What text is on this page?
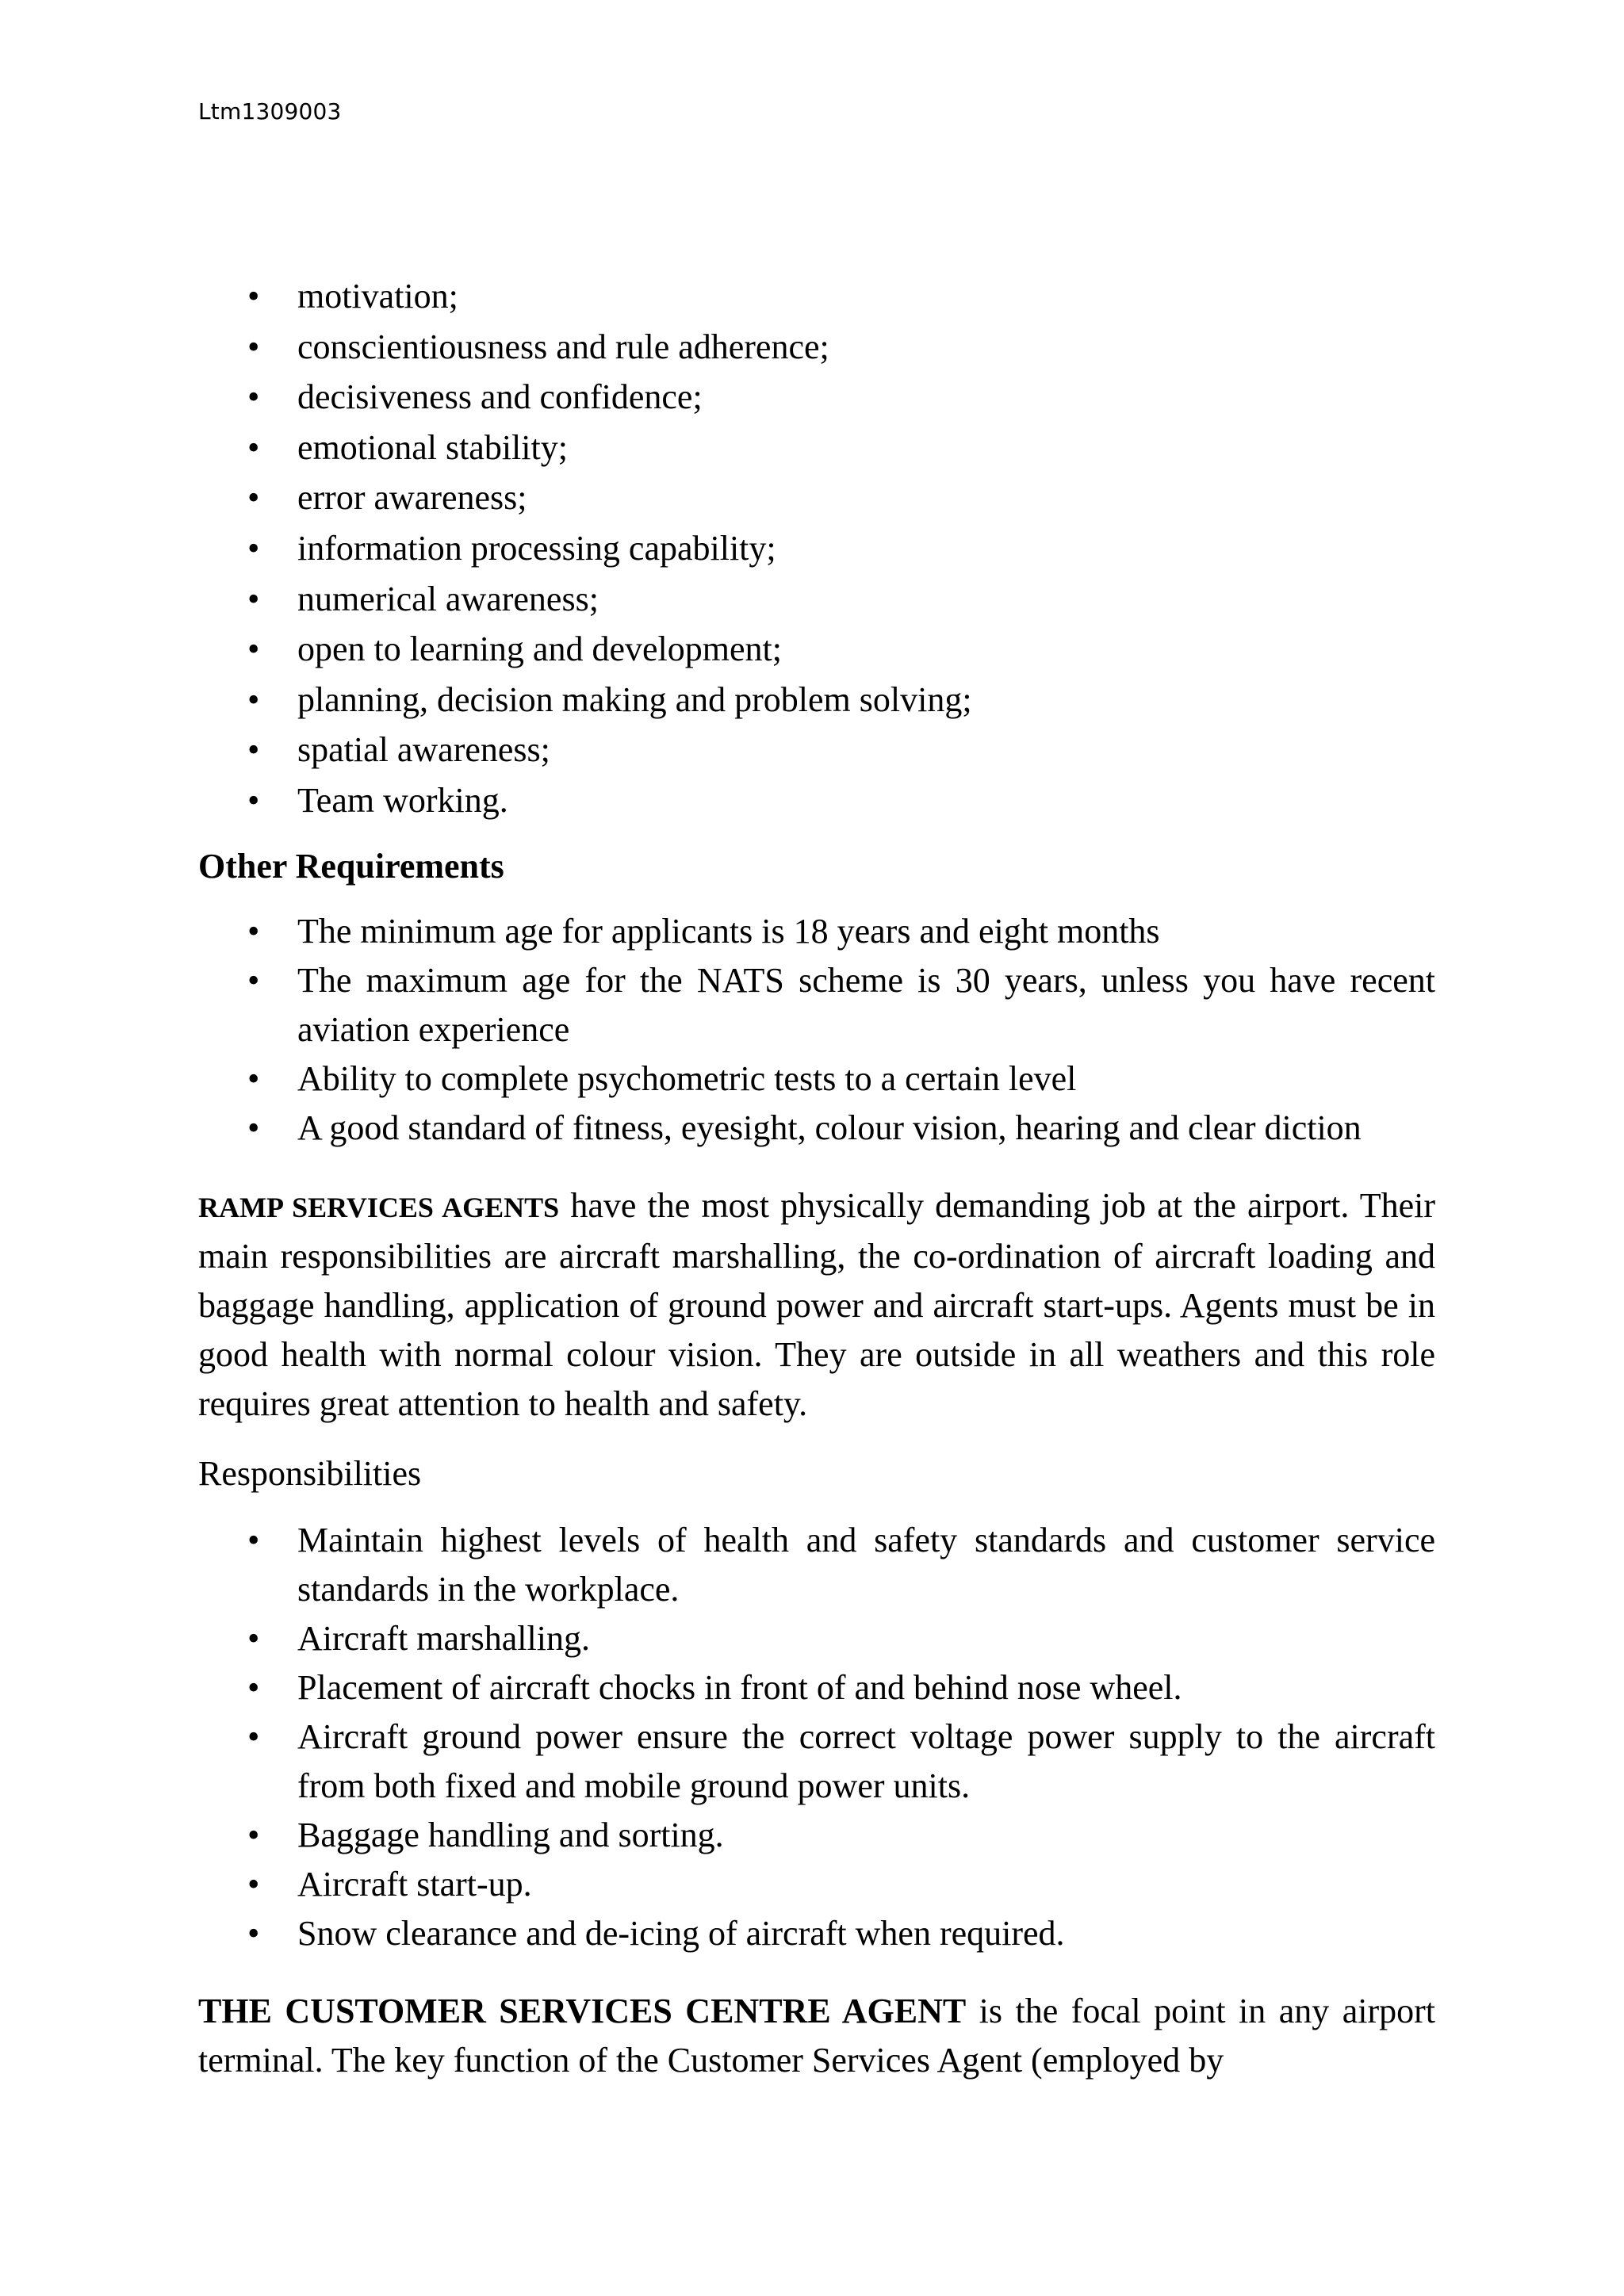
Ltm1309003
• motivation;
• conscientiousness and rule adherence;
• decisiveness and confidence;
• emotional stability;
• error awareness;
• information processing capability;
• numerical awareness;
• open to learning and development;
• planning, decision making and problem solving;
• spatial awareness;
• Team working.
Other Requirements
• The minimum age for applicants is 18 years and eight months
• The maximum age for the NATS scheme is 30 years, unless you have recent aviation experience
• Ability to complete psychometric tests to a certain level
• A good standard of fitness, eyesight, colour vision, hearing and clear diction
RAMP SERVICES AGENTS have the most physically demanding job at the airport. Their main responsibilities are aircraft marshalling, the co-ordination of aircraft loading and baggage handling, application of ground power and aircraft start-ups. Agents must be in good health with normal colour vision. They are outside in all weathers and this role requires great attention to health and safety.
Responsibilities
• Maintain highest levels of health and safety standards and customer service standards in the workplace.
• Aircraft marshalling.
• Placement of aircraft chocks in front of and behind nose wheel.
• Aircraft ground power ensure the correct voltage power supply to the aircraft from both fixed and mobile ground power units.
• Baggage handling and sorting.
• Aircraft start-up.
• Snow clearance and de-icing of aircraft when required.
THE CUSTOMER SERVICES CENTRE AGENT is the focal point in any airport terminal. The key function of the Customer Services Agent (employed by
